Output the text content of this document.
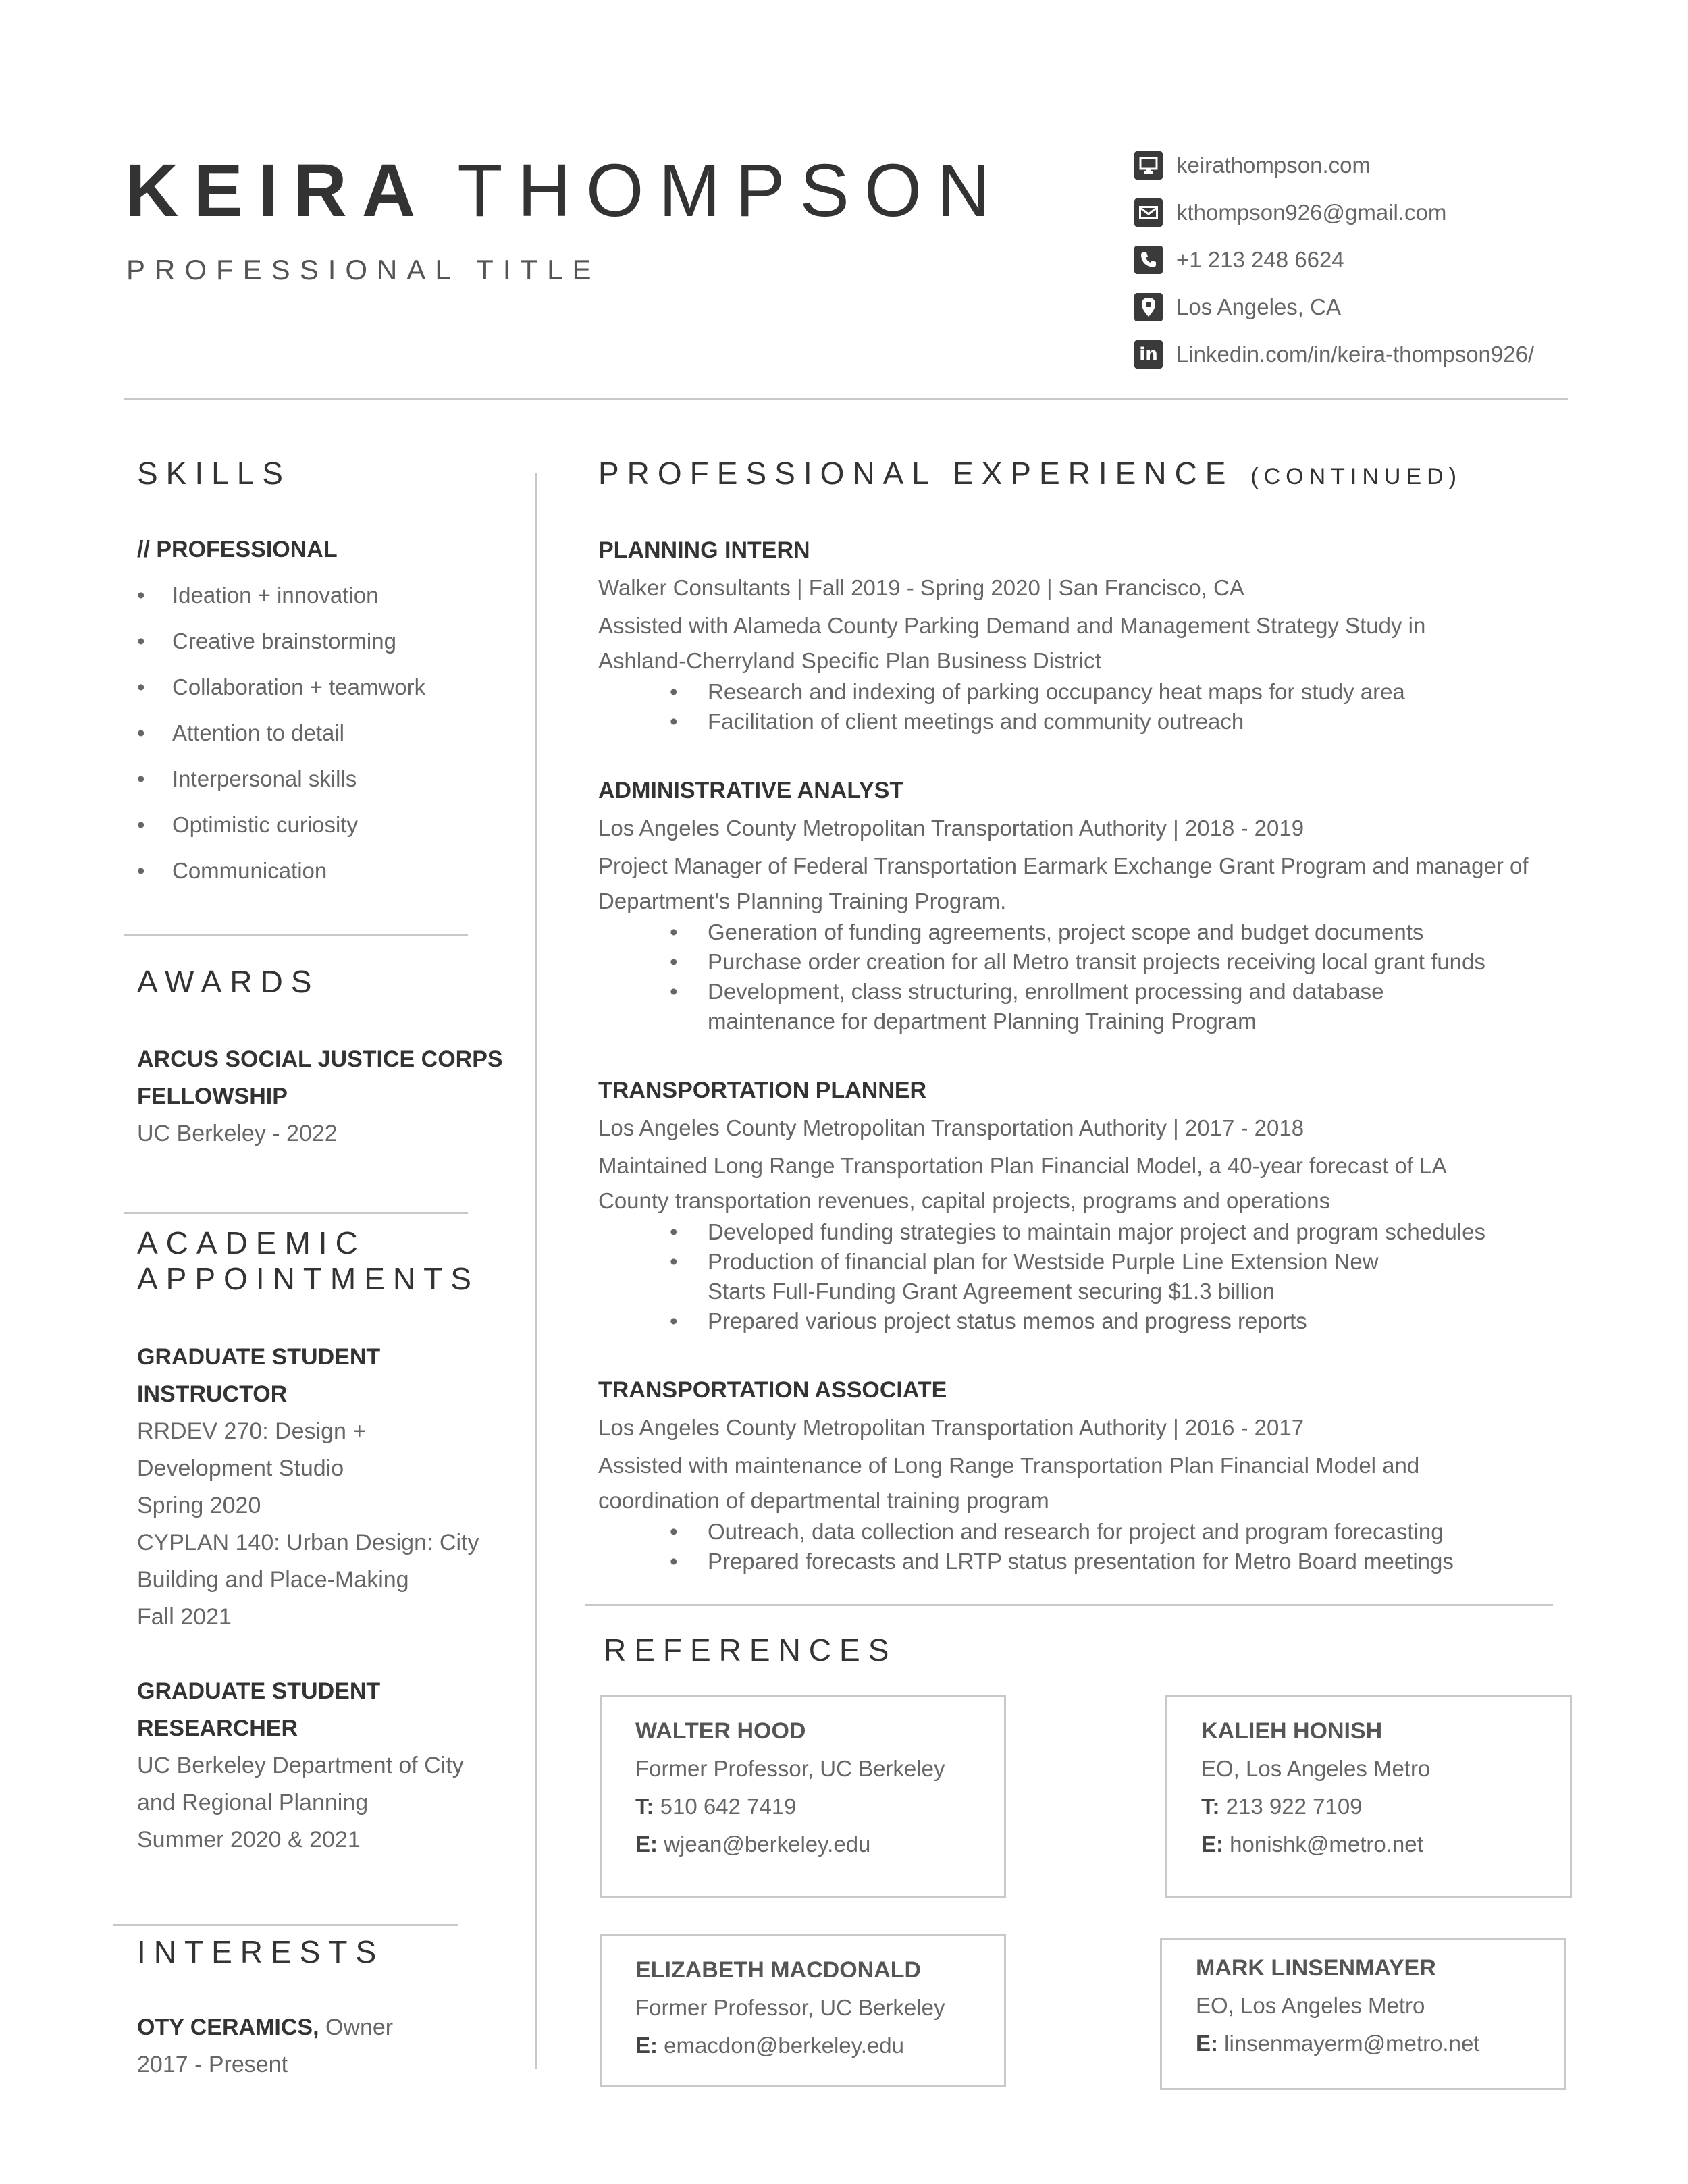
KEIRA THOMPSON
PROFESSIONAL TITLE
keirathompson.com
kthompson926@gmail.com
+1 213 248 6624
Los Angeles, CA
in Linkedin.com/in/keira-thompson926/
SKILLS
// PROFESSIONAL
• Ideation + innovation
• Creative brainstorming
• Collaboration + teamwork
• Attention to detail
• Interpersonal skills
• Optimistic curiosity
• Communication
AWARDS
ARCUS SOCIAL JUSTICE CORPS
FELLOWSHIP
UC Berkeley - 2022
ACADEMIC
APPOINTMENTS
GRADUATE STUDENT
INSTRUCTOR
RRDEV 270: Design +
Development Studio
Spring 2020
CYPLAN 140: Urban Design: City
Building and Place-Making
Fall 2021
GRADUATE STUDENT
RESEARCHER
UC Berkeley Department of City
and Regional Planning
Summer 2020 & 2021
INTERESTS
OTY CERAMICS, Owner
2017 - Present
PROFESSIONAL EXPERIENCE (CONTINUED)
PLANNING INTERN
Walker Consultants | Fall 2019 - Spring 2020 | San Francisco, CA
Assisted with Alameda County Parking Demand and Management Strategy Study in
Ashland-Cherryland Specific Plan Business District
• Research and indexing of parking occupancy heat maps for study area
• Facilitation of client meetings and community outreach
ADMINISTRATIVE ANALYST
Los Angeles County Metropolitan Transportation Authority | 2018 - 2019
Project Manager of Federal Transportation Earmark Exchange Grant Program and manager of
Department's Planning Training Program.
• Generation of funding agreements, project scope and budget documents
• Purchase order creation for all Metro transit projects receiving local grant funds
• Development, class structuring, enrollment processing and database maintenance for department Planning Training Program
TRANSPORTATION PLANNER
Los Angeles County Metropolitan Transportation Authority | 2017 - 2018
Maintained Long Range Transportation Plan Financial Model, a 40-year forecast of LA
County transportation revenues, capital projects, programs and operations
• Developed funding strategies to maintain major project and program schedules
• Production of financial plan for Westside Purple Line Extension New Starts Full-Funding Grant Agreement securing $1.3 billion
• Prepared various project status memos and progress reports
TRANSPORTATION ASSOCIATE
Los Angeles County Metropolitan Transportation Authority | 2016 - 2017
Assisted with maintenance of Long Range Transportation Plan Financial Model and
coordination of departmental training program
• Outreach, data collection and research for project and program forecasting
• Prepared forecasts and LRTP status presentation for Metro Board meetings
REFERENCES
WALTER HOOD
Former Professor, UC Berkeley
T: 510 642 7419
E: wjean@berkeley.edu
KALIEH HONISH
EO, Los Angeles Metro
T: 213 922 7109
E: honishk@metro.net
ELIZABETH MACDONALD
Former Professor, UC Berkeley
E: emacdon@berkeley.edu
MARK LINSENMAYER
EO, Los Angeles Metro
E: linsenmayerm@metro.net
